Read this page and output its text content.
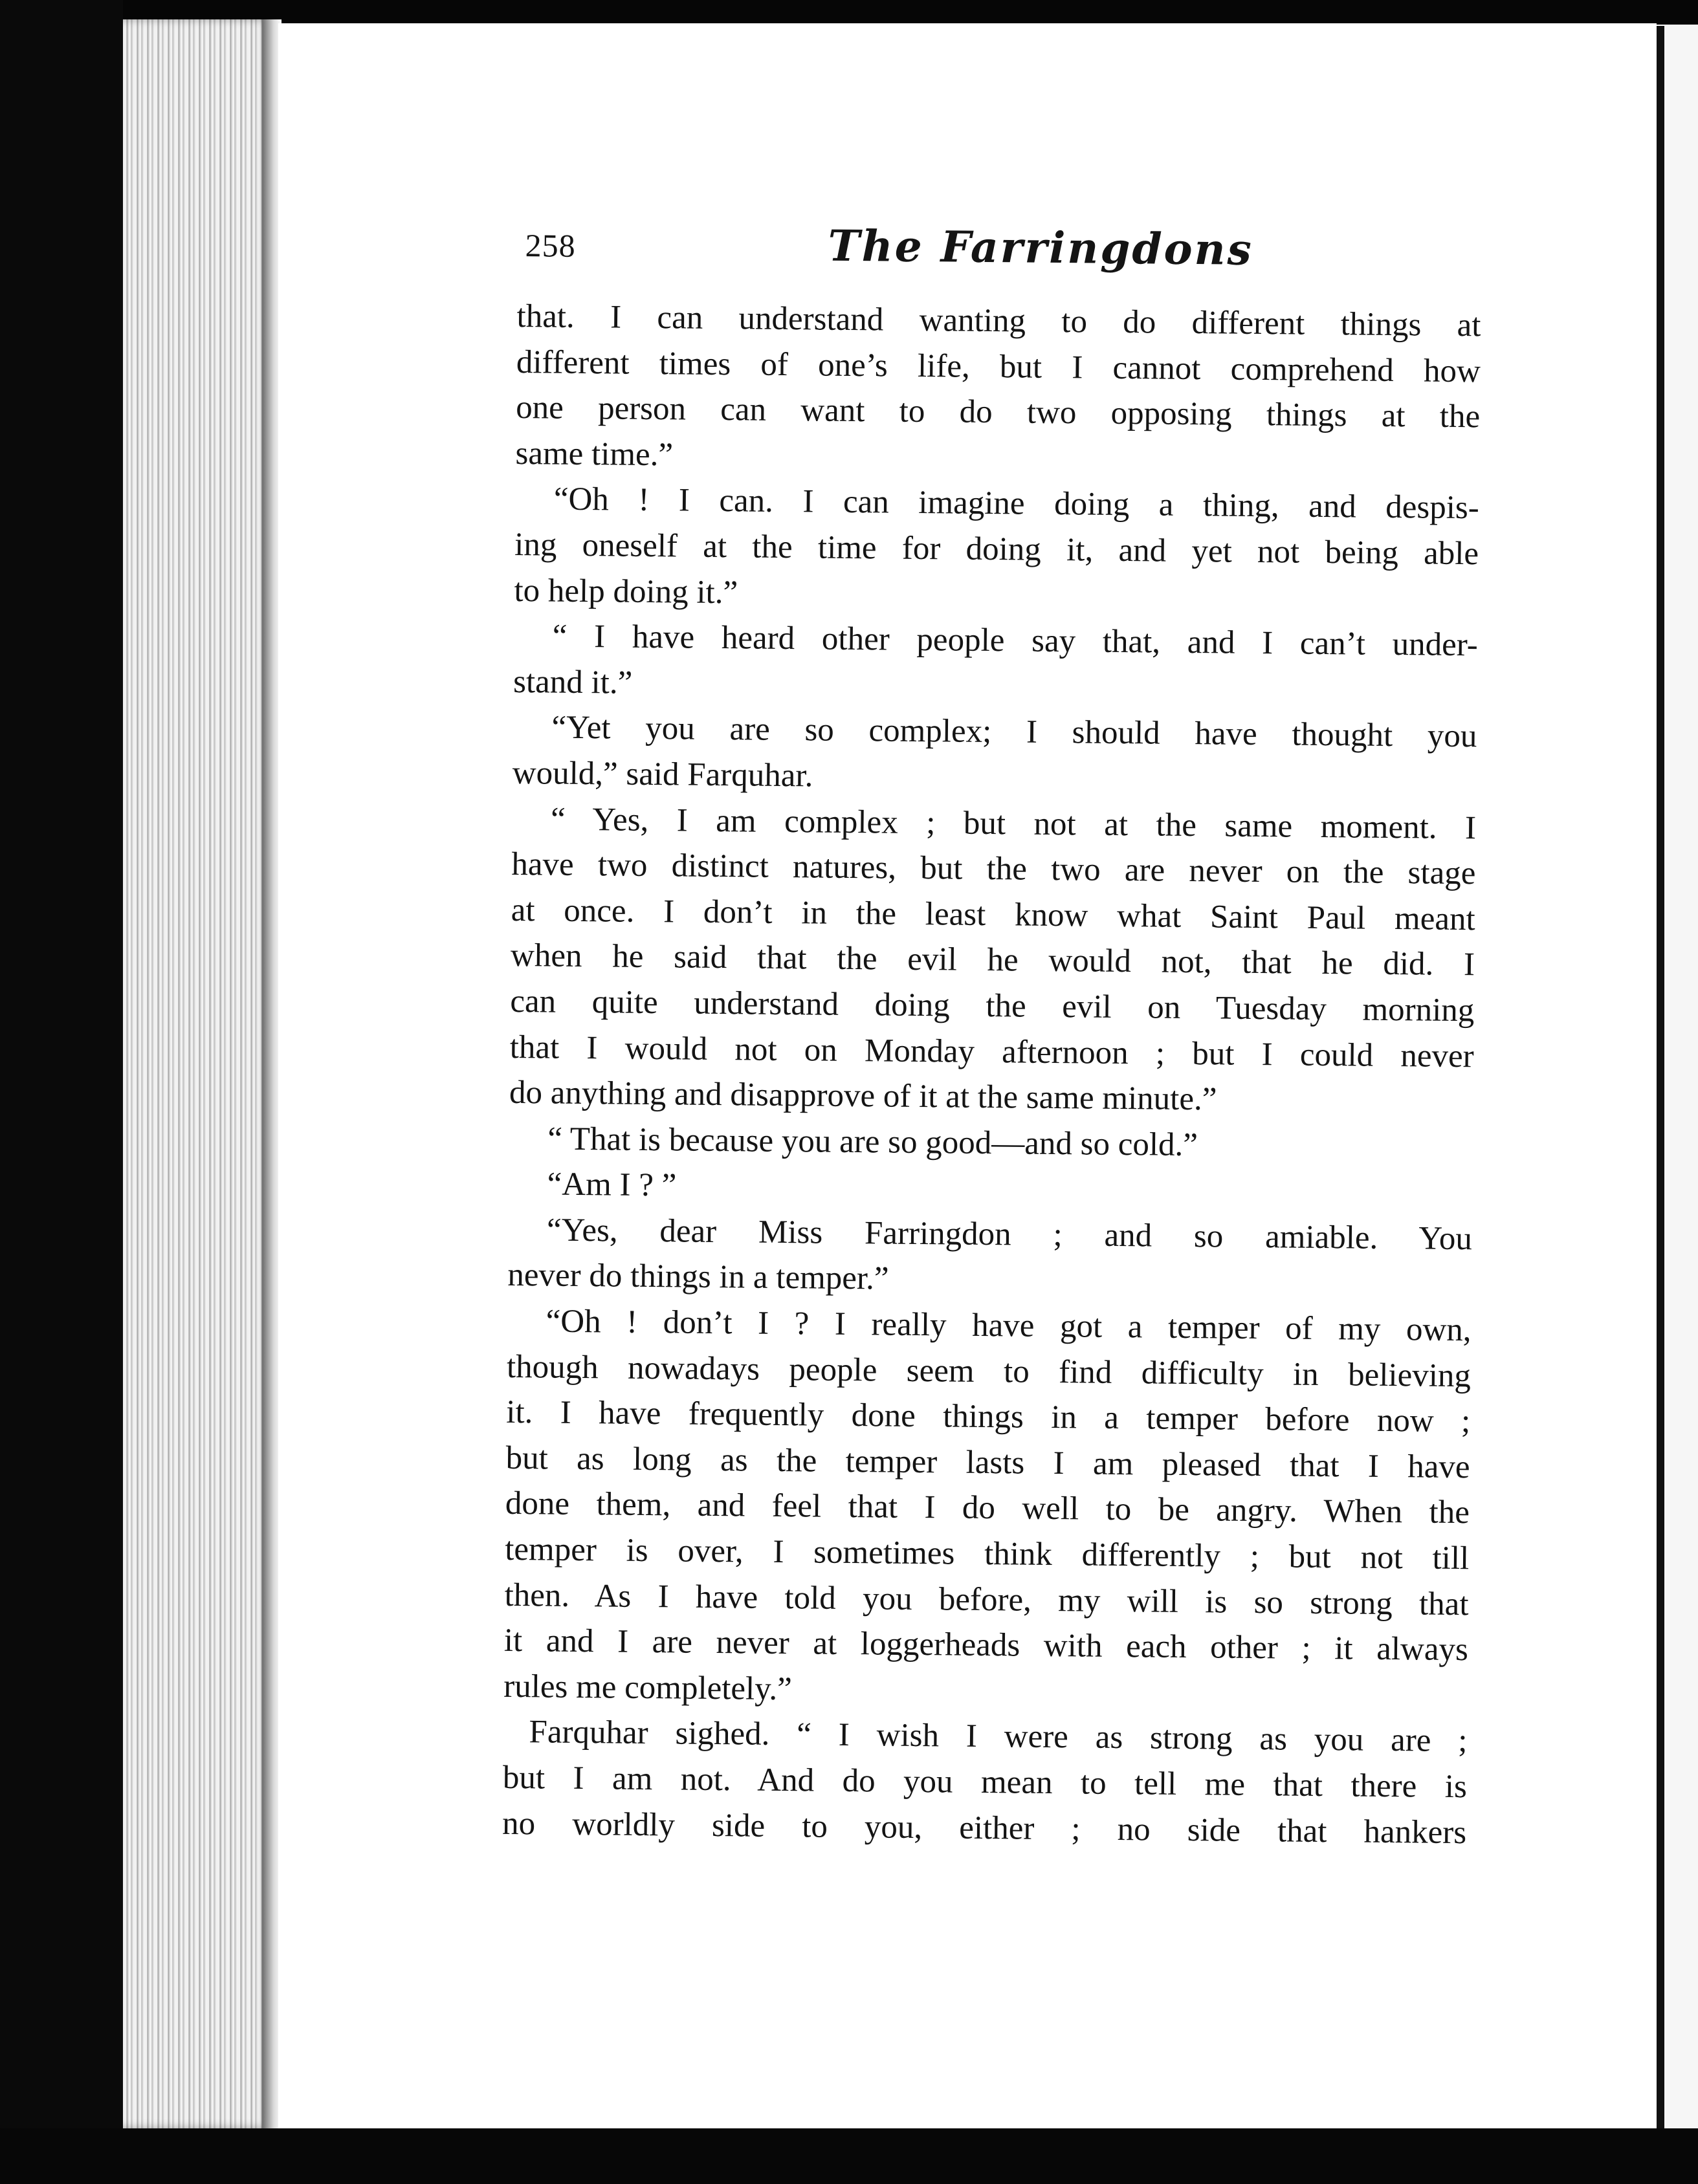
258	The Farringdons
that. I can understand wanting to do different things at
different times of one’s life, but I cannot comprehend how
one person can want to do two opposing things at the
same time.”
“Oh ! I can. I can imagine doing a thing, and despis-
ing oneself at the time for doing it, and yet not being able
to help doing it.”
“ I have heard other people say that, and I can’t under-
stand it.”
“Yet you are so complex; I should have thought you
would,” said Farquhar.
“ Yes, I am complex ; but not at the same moment. I
have two distinct natures, but the two are never on the stage
at once. I don’t in the least know what Saint Paul meant
when he said that the evil he would not, that he did. I
can quite understand doing the evil on Tuesday morning
that I would not on Monday afternoon ; but I could never
do anything and disapprove of it at the same minute.”
“ That is because you are so good—and so cold.”
“Am I ? ”
“Yes, dear Miss Farringdon ; and so amiable. You
never do things in a temper.”
“Oh ! don’t I ? I really have got a temper of my own,
though nowadays people seem to find difficulty in believing
it. I have frequently done things in a temper before now ;
but as long as the temper lasts I am pleased that I have
done them, and feel that I do well to be angry. When the
temper is over, I sometimes think differently ; but not till
then. As I have told you before, my will is so strong that
it and I are never at loggerheads with each other ; it always
rules me completely.”
Farquhar sighed. “ I wish I were as strong as you are ;
but I am not. And do you mean to tell me that there is
no worldly side to you, either ; no side that hankers
